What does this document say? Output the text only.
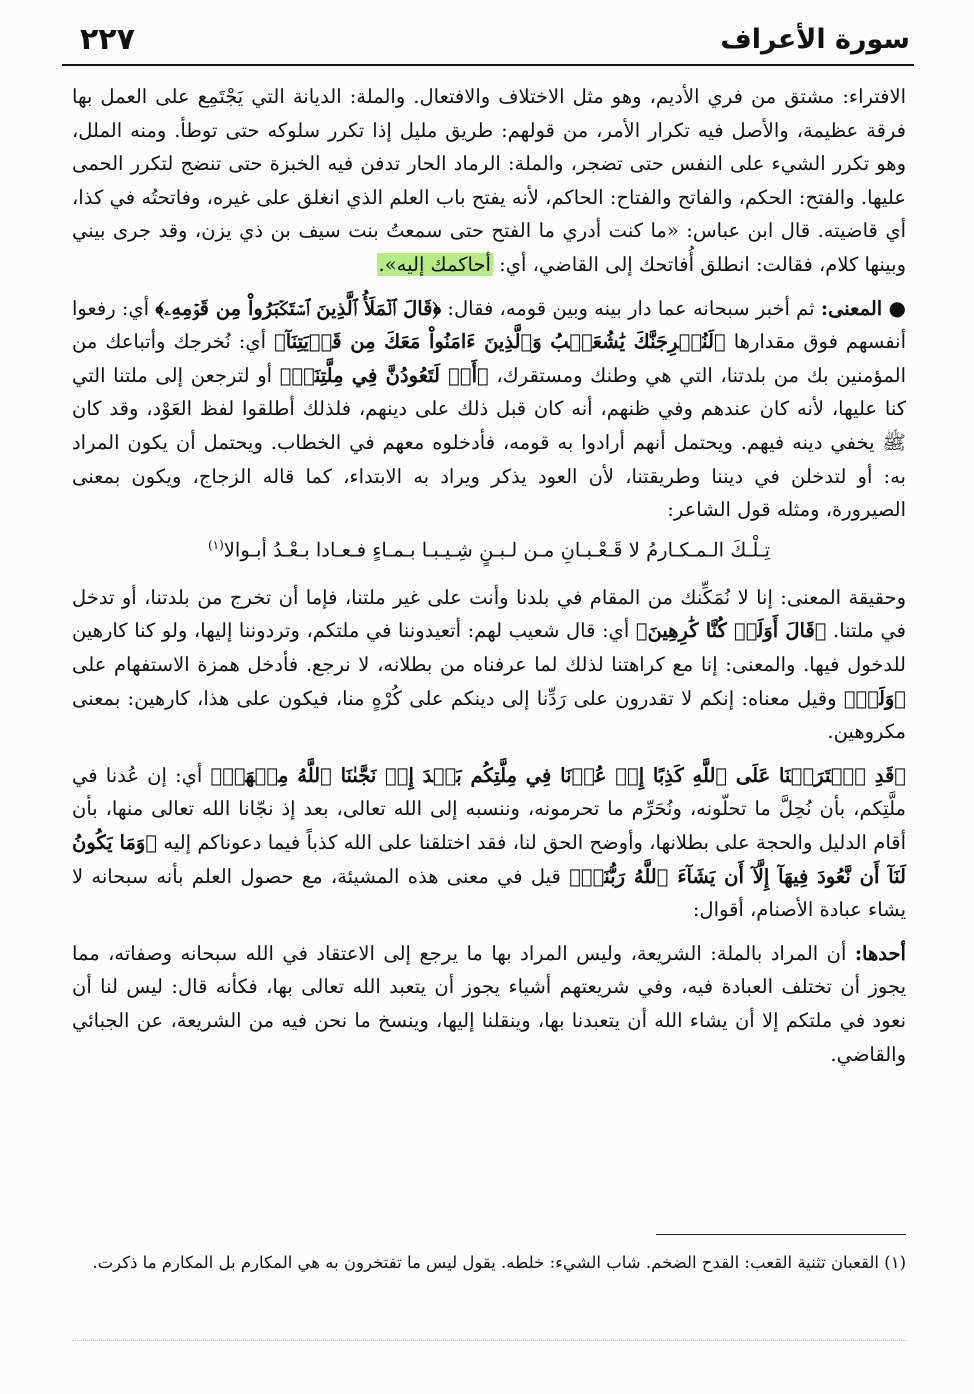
سورة الأعراف
٢٢٧

الافتراء: مشتق من فري الأديم، وهو مثل الاختلاف والافتعال. والملة: الديانة التي يَجْتَمِع على العمل بها فرقة عظيمة، والأصل فيه تكرار الأمر، من قولهم: طريق مليل إذا تكرر سلوكه حتى توطأ. ومنه الملل، وهو تكرر الشيء على النفس حتى تضجر، والملة: الرماد الحار تدفن فيه الخبزة حتى تنضج لتكرر الحمى عليها. والفتح: الحكم، والفاتح والفتاح: الحاكم، لأنه يفتح باب العلم الذي انغلق على غيره، وفاتحتُه في كذا، أي قاضيته. قال ابن عباس: «ما كنت أدري ما الفتح حتى سمعتُ بنت سيف بن ذي يزن، وقد جرى بيني وبينها كلام، فقالت: انطلق أُفاتحك إلى القاضي، أي: أحاكمك إليه».

● المعنى: ثم أخبر سبحانه عما دار بينه وبين قومه، فقال: ﴿قَالَ ٱلۡمَلَأُ ٱلَّذِينَ ٱسۡتَكۡبَرُواْ مِن قَوۡمِهِۦ﴾ أي: رفعوا أنفسهم فوق مقدارها ﴿لَنُخۡرِجَنَّكَ يَٰشُعَيۡبُ وَٱلَّذِينَ ءَامَنُواْ مَعَكَ مِن قَرۡيَتِنَآ﴾ أي: نُخرجك وأتباعك من المؤمنين بك من بلدتنا، التي هي وطنك ومستقرك، ﴿أَوۡ لَتَعُودُنَّ فِي مِلَّتِنَاۚ﴾ أو لترجعن إلى ملتنا التي كنا عليها، لأنه كان عندهم وفي ظنهم، أنه كان قبل ذلك على دينهم، فلذلك أطلقوا لفظ العَوْد، وقد كان ﷺ يخفي دينه فيهم. ويحتمل أنهم أرادوا به قومه، فأدخلوه معهم في الخطاب. ويحتمل أن يكون المراد به: أو لتدخلن في ديننا وطريقتنا، لأن العود يذكر ويراد به الابتداء، كما قاله الزجاج، ويكون بمعنى الصيرورة، ومثله قول الشاعر:

تِـلْـكَ الـمـكـارمُ لا قَـعْـبـانِ مـن لـبـنٍ شِـيـبـا بـمـاءٍ فـعـادا بـعْـدُ أبـوالا$^{(١)}$

وحقيقة المعنى: إنا لا نُمَكِّنك من المقام في بلدنا وأنت على غير ملتنا، فإما أن تخرج من بلدتنا، أو تدخل في ملتنا. ﴿قَالَ أَوَلَوۡ كُنَّا كَٰرِهِينَ﴾ أي: قال شعيب لهم: أتعيدوننا في ملتكم، وتردوننا إليها، ولو كنا كارهين للدخول فيها. والمعنى: إنا مع كراهتنا لذلك لما عرفناه من بطلانه، لا نرجع. فأدخل همزة الاستفهام على ﴿وَلَوۡ﴾ وقيل معناه: إنكم لا تقدرون على رَدِّنا إلى دينكم على كُرْهٍ منا، فيكون على هذا، كارهين: بمعنى مكروهين.

﴿قَدِ ٱفۡتَرَيۡنَا عَلَى ٱللَّهِ كَذِبًا إِنۡ عُدۡنَا فِي مِلَّتِكُم بَعۡدَ إِذۡ نَجَّىٰنَا ٱللَّهُ مِنۡهَاۚ﴾ أي: إن عُدنا في ملَّتِكم، بأن نُحِلَّ ما تحلّونه، ونُحَرِّم ما تحرمونه، وننسبه إلى الله تعالى، بعد إذ نجّانا الله تعالى منها، بأن أقام الدليل والحجة على بطلانها، وأوضح الحق لنا، فقد اختلقنا على الله كذباً فيما دعوناكم إليه ﴿وَمَا يَكُونُ لَنَآ أَن نَّعُودَ فِيهَآ إِلَّآ أَن يَشَآءَ ٱللَّهُ رَبُّنَاۚ﴾ قيل في معنى هذه المشيئة، مع حصول العلم بأنه سبحانه لا يشاء عبادة الأصنام، أقوال:

أحدها: أن المراد بالملة: الشريعة، وليس المراد بها ما يرجع إلى الاعتقاد في الله سبحانه وصفاته، مما يجوز أن تختلف العبادة فيه، وفي شريعتهم أشياء يجوز أن يتعبد الله تعالى بها، فكأنه قال: ليس لنا أن نعود في ملتكم إلا أن يشاء الله أن يتعبدنا بها، وينقلنا إليها، وينسخ ما نحن فيه من الشريعة، عن الجبائي والقاضي.

(١) القعبان تثنية القعب: القدح الضخم. شاب الشيء: خلطه. يقول ليس ما تفتخرون به هي المكارم بل المكارم ما ذكرت.
